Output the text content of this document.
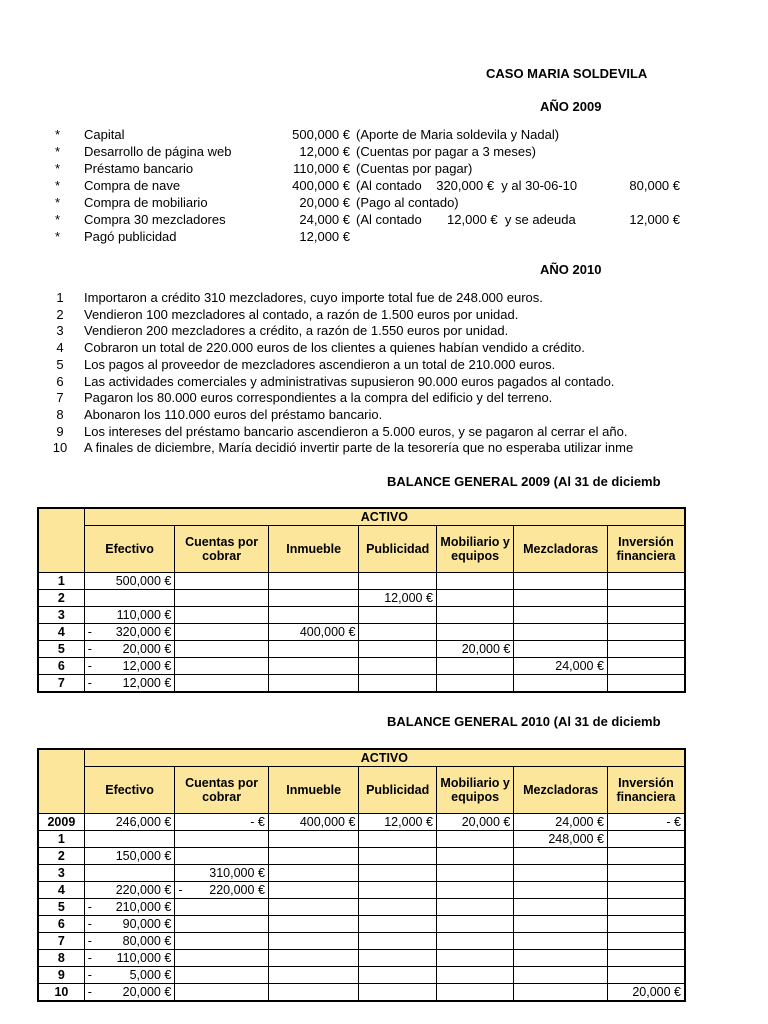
CASO MARIA SOLDEVILA
AÑO 2009
* Capital	500,000 € (Aporte de Maria soldevila y Nadal)
* Desarrollo de página web	12,000 € (Cuentas por pagar a 3 meses)
* Préstamo bancario	110,000 € (Cuentas por pagar)
* Compra de nave	400,000 € (Al contado    320,000 €  y al 30-06-10	80,000 €
* Compra de mobiliario	20,000 € (Pago al contado)
* Compra 30 mezcladores	24,000 € (Al contado       12,000 €  y se adeuda	12,000 €
* Pagó publicidad	12,000 €
AÑO 2010
1	Importaron a crédito 310 mezcladores, cuyo importe total fue de 248.000 euros.
2	Vendieron 100 mezcladores al contado, a razón de 1.500 euros por unidad.
3	Vendieron 200 mezcladores a crédito, a razón de 1.550 euros por unidad.
4	Cobraron un total de 220.000 euros de los clientes a quienes habían vendido a crédito.
5	Los pagos al proveedor de mezcladores ascendieron a un total de 210.000 euros.
6	Las actividades comerciales y administrativas supusieron 90.000 euros pagados al contado.
7	Pagaron los 80.000 euros correspondientes a la compra del edificio y del terreno.
8	Abonaron los 110.000 euros del préstamo bancario.
9	Los intereses del préstamo bancario ascendieron a 5.000 euros, y se pagaron al cerrar el año.
10 A finales de diciembre, María decidió invertir parte de la tesorería que no esperaba utilizar inme
BALANCE GENERAL 2009 (Al 31 de diciemb
	ACTIVO						
	Efectivo	Cuentas por cobrar	Inmueble	Publicidad	Mobiliario y equipos	Mezcladoras	Inversión financiera
1	500,000 €						
2				12,000 €			
3	110,000 €						
4	- 320,000 €		400,000 €				
5	- 20,000 €				20,000 €		
6	- 12,000 €					24,000 €	
7	- 12,000 €						
BALANCE GENERAL 2010 (Al 31 de diciemb
	ACTIVO						
	Efectivo	Cuentas por cobrar	Inmueble	Publicidad	Mobiliario y equipos	Mezcladoras	Inversión financiera
2009	246,000 €	- €	400,000 €	12,000 €	20,000 €	24,000 €	- €
1						248,000 €	
2	150,000 €						
3		310,000 €					
4	220,000 €	- 220,000 €					
5	- 210,000 €						
6	- 90,000 €						
7	- 80,000 €						
8	- 110,000 €						
9	- 5,000 €						
10	- 20,000 €						20,000 €
